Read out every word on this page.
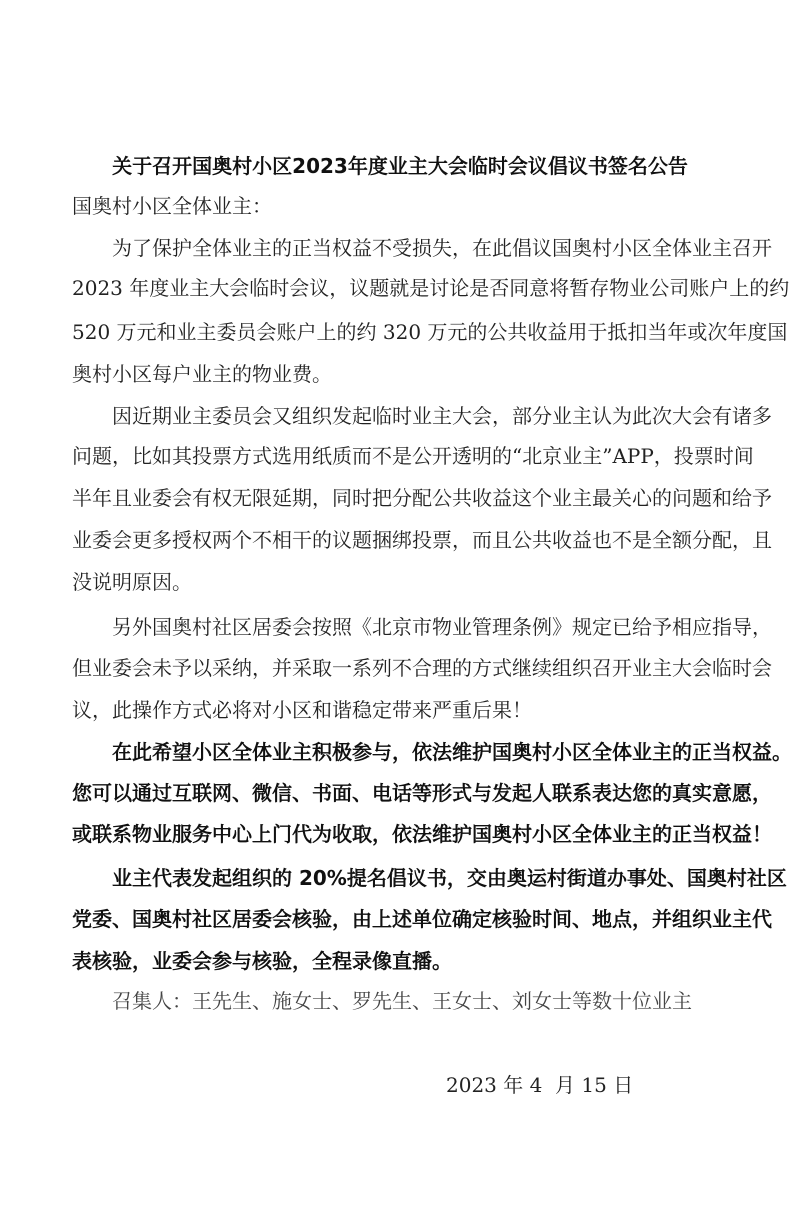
关于召开国奥村小区2023年度业主大会临时会议倡议书签名公告
国奥村小区全体业主：
为了保护全体业主的正当权益不受损失，在此倡议国奥村小区全体业主召开
2023 年度业主大会临时会议，议题就是讨论是否同意将暂存物业公司账户上的约
520 万元和业主委员会账户上的约 320 万元的公共收益用于抵扣当年或次年度国
奥村小区每户业主的物业费。
因近期业主委员会又组织发起临时业主大会，部分业主认为此次大会有诸多
问题，比如其投票方式选用纸质而不是公开透明的“北京业主”APP，投票时间
半年且业委会有权无限延期，同时把分配公共收益这个业主最关心的问题和给予
业委会更多授权两个不相干的议题捆绑投票，而且公共收益也不是全额分配，且
没说明原因。
另外国奥村社区居委会按照《北京市物业管理条例》规定已给予相应指导，
但业委会未予以采纳，并采取一系列不合理的方式继续组织召开业主大会临时会
议，此操作方式必将对小区和谐稳定带来严重后果！
在此希望小区全体业主积极参与，依法维护国奥村小区全体业主的正当权益。
您可以通过互联网、微信、书面、电话等形式与发起人联系表达您的真实意愿，
或联系物业服务中心上门代为收取，依法维护国奥村小区全体业主的正当权益！
业主代表发起组织的 20%提名倡议书，交由奥运村街道办事处、国奥村社区
党委、国奥村社区居委会核验，由上述单位确定核验时间、地点，并组织业主代
表核验，业委会参与核验，全程录像直播。
召集人：王先生、施女士、罗先生、王女士、刘女士等数十位业主
2023 年 4  月 15 日
